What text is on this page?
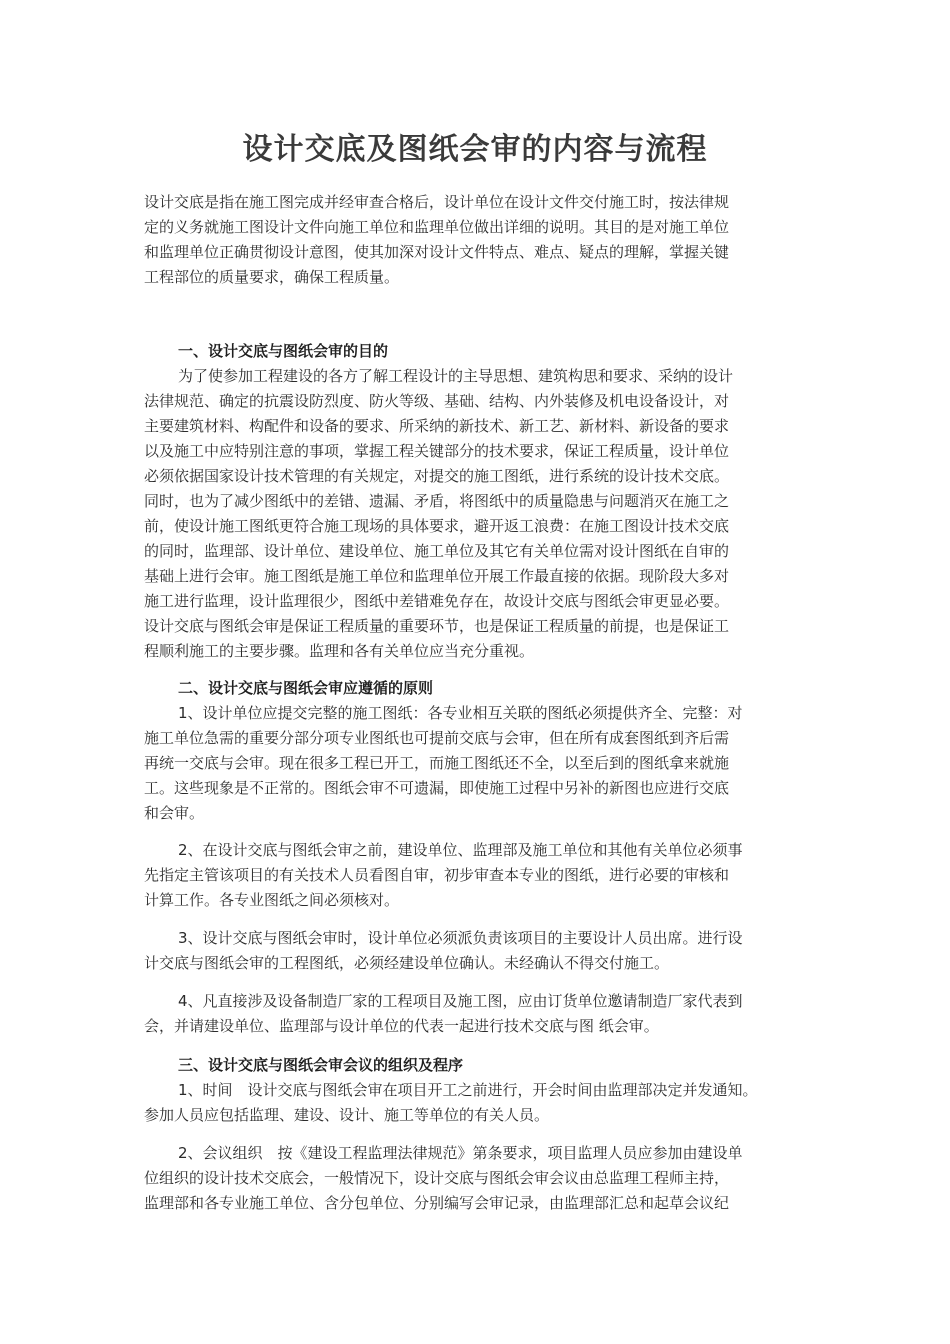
设计交底及图纸会审的内容与流程
设计交底是指在施工图完成并经审查合格后，设计单位在设计文件交付施工时，按法律规
定的义务就施工图设计文件向施工单位和监理单位做出详细的说明。其目的是对施工单位
和监理单位正确贯彻设计意图，使其加深对设计文件特点、难点、疑点的理解，掌握关键
工程部位的质量要求，确保工程质量。
一、设计交底与图纸会审的目的
为了使参加工程建设的各方了解工程设计的主导思想、建筑构思和要求、采纳的设计
法律规范、确定的抗震设防烈度、防火等级、基础、结构、内外装修及机电设备设计，对
主要建筑材料、构配件和设备的要求、所采纳的新技术、新工艺、新材料、新设备的要求
以及施工中应特别注意的事项，掌握工程关键部分的技术要求，保证工程质量，设计单位
必须依据国家设计技术管理的有关规定，对提交的施工图纸，进行系统的设计技术交底。
同时，也为了减少图纸中的差错、遗漏、矛盾，将图纸中的质量隐患与问题消灭在施工之
前，使设计施工图纸更符合施工现场的具体要求，避开返工浪费：在施工图设计技术交底
的同时，监理部、设计单位、建设单位、施工单位及其它有关单位需对设计图纸在自审的
基础上进行会审。施工图纸是施工单位和监理单位开展工作最直接的依据。现阶段大多对
施工进行监理，设计监理很少，图纸中差错难免存在，故设计交底与图纸会审更显必要。
设计交底与图纸会审是保证工程质量的重要环节，也是保证工程质量的前提，也是保证工
程顺利施工的主要步骤。监理和各有关单位应当充分重视。
二、设计交底与图纸会审应遵循的原则
1、设计单位应提交完整的施工图纸：各专业相互关联的图纸必须提供齐全、完整：对
施工单位急需的重要分部分项专业图纸也可提前交底与会审，但在所有成套图纸到齐后需
再统一交底与会审。现在很多工程已开工，而施工图纸还不全，以至后到的图纸拿来就施
工。这些现象是不正常的。图纸会审不可遗漏，即使施工过程中另补的新图也应进行交底
和会审。
2、在设计交底与图纸会审之前，建设单位、监理部及施工单位和其他有关单位必须事
先指定主管该项目的有关技术人员看图自审，初步审查本专业的图纸，进行必要的审核和
计算工作。各专业图纸之间必须核对。
3、设计交底与图纸会审时，设计单位必须派负责该项目的主要设计人员出席。进行设
计交底与图纸会审的工程图纸，必须经建设单位确认。未经确认不得交付施工。
4、凡直接涉及设备制造厂家的工程项目及施工图，应由订货单位邀请制造厂家代表到
会，并请建设单位、监理部与设计单位的代表一起进行技术交底与图 纸会审。
三、设计交底与图纸会审会议的组织及程序
1、时间　设计交底与图纸会审在项目开工之前进行，开会时间由监理部决定并发通知。
参加人员应包括监理、建设、设计、施工等单位的有关人员。
2、会议组织　按《建设工程监理法律规范》第条要求，项目监理人员应参加由建设单
位组织的设计技术交底会，一般情况下，设计交底与图纸会审会议由总监理工程师主持，
监理部和各专业施工单位、含分包单位、分别编写会审记录，由监理部汇总和起草会议纪
